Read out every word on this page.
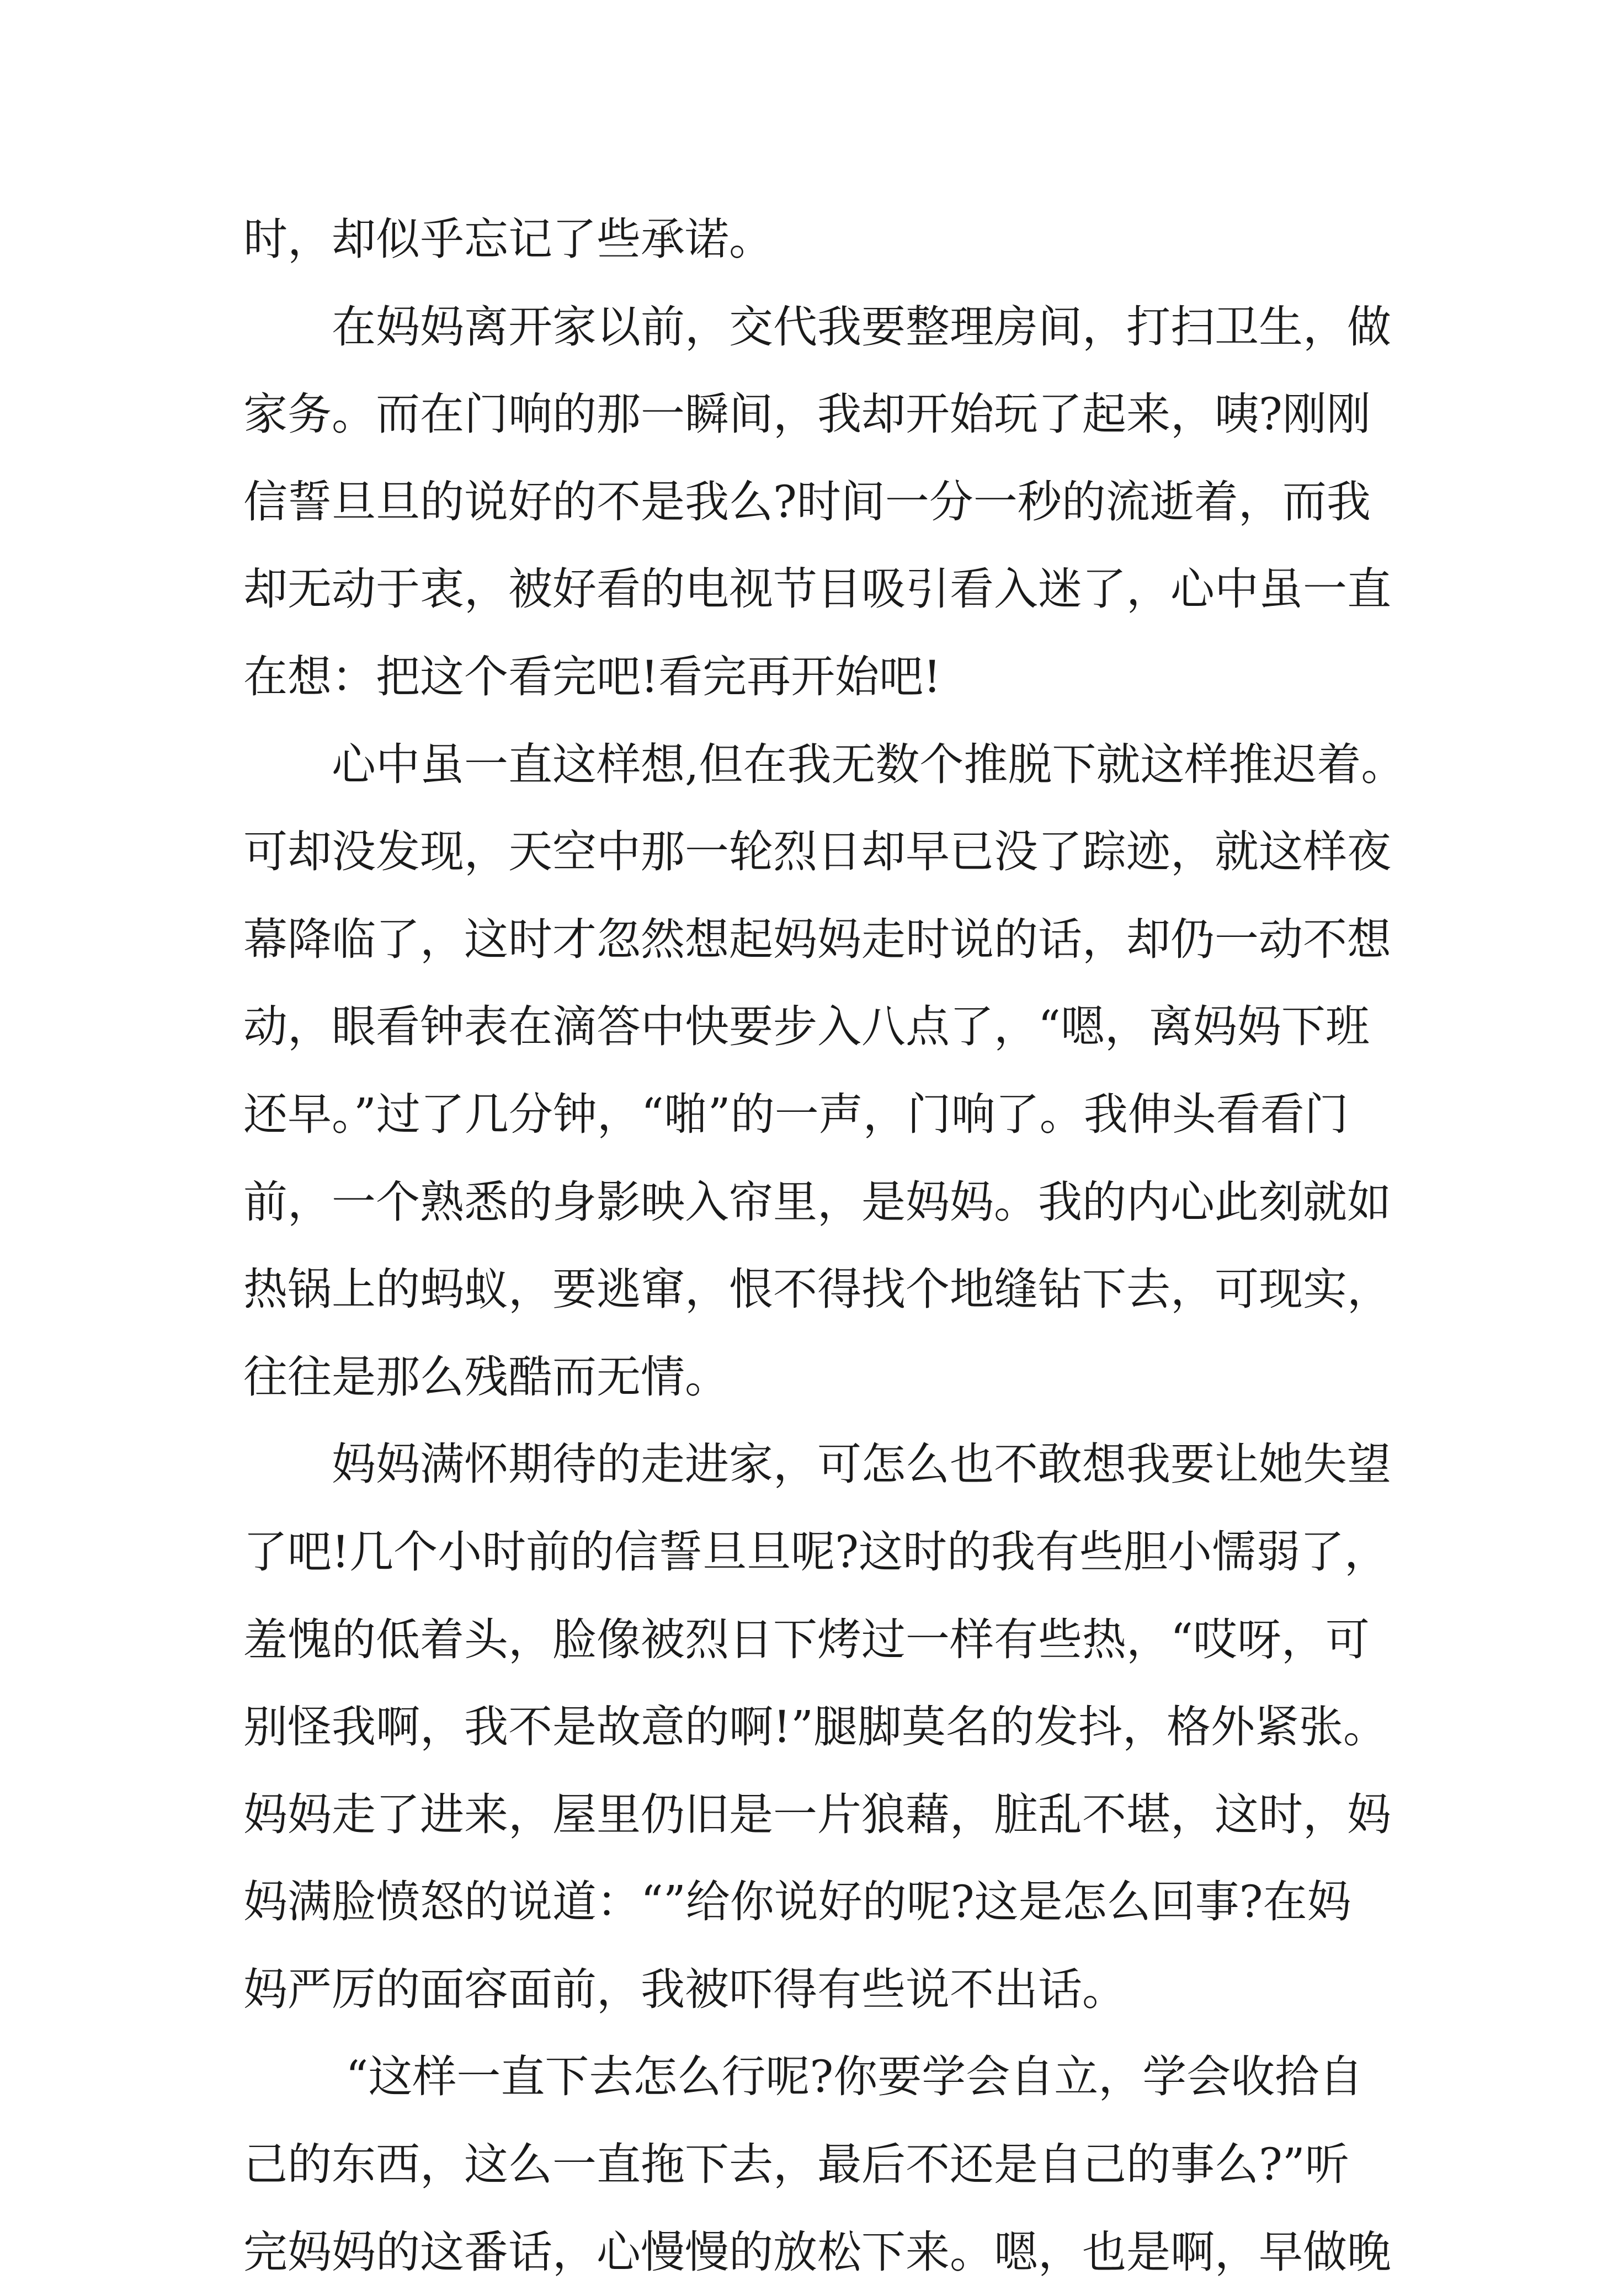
时，却似乎忘记了些承诺。
在妈妈离开家以前，交代我要整理房间，打扫卫生，做
家务。而在门响的那一瞬间，我却开始玩了起来，咦?刚刚
信誓旦旦的说好的不是我么?时间一分一秒的流逝着，而我
却无动于衷，被好看的电视节目吸引看入迷了，心中虽一直
在想：把这个看完吧!看完再开始吧!
心中虽一直这样想,但在我无数个推脱下就这样推迟着。
可却没发现，天空中那一轮烈日却早已没了踪迹，就这样夜
幕降临了，这时才忽然想起妈妈走时说的话，却仍一动不想
动，眼看钟表在滴答中快要步入八点了，“嗯，离妈妈下班
还早。”过了几分钟，“啪”的一声，门响了。我伸头看看门
前，一个熟悉的身影映入帘里，是妈妈。我的内心此刻就如
热锅上的蚂蚁，要逃窜，恨不得找个地缝钻下去，可现实，
往往是那么残酷而无情。
妈妈满怀期待的走进家，可怎么也不敢想我要让她失望
了吧!几个小时前的信誓旦旦呢?这时的我有些胆小懦弱了，
羞愧的低着头，脸像被烈日下烤过一样有些热，“哎呀，可
别怪我啊，我不是故意的啊!”腿脚莫名的发抖，格外紧张。
妈妈走了进来，屋里仍旧是一片狼藉，脏乱不堪，这时，妈
妈满脸愤怒的说道：“”给你说好的呢?这是怎么回事?在妈
妈严厉的面容面前，我被吓得有些说不出话。
“这样一直下去怎么行呢?你要学会自立，学会收拾自
己的东西，这么一直拖下去，最后不还是自己的事么?”听
完妈妈的这番话，心慢慢的放松下来。嗯，也是啊，早做晚
